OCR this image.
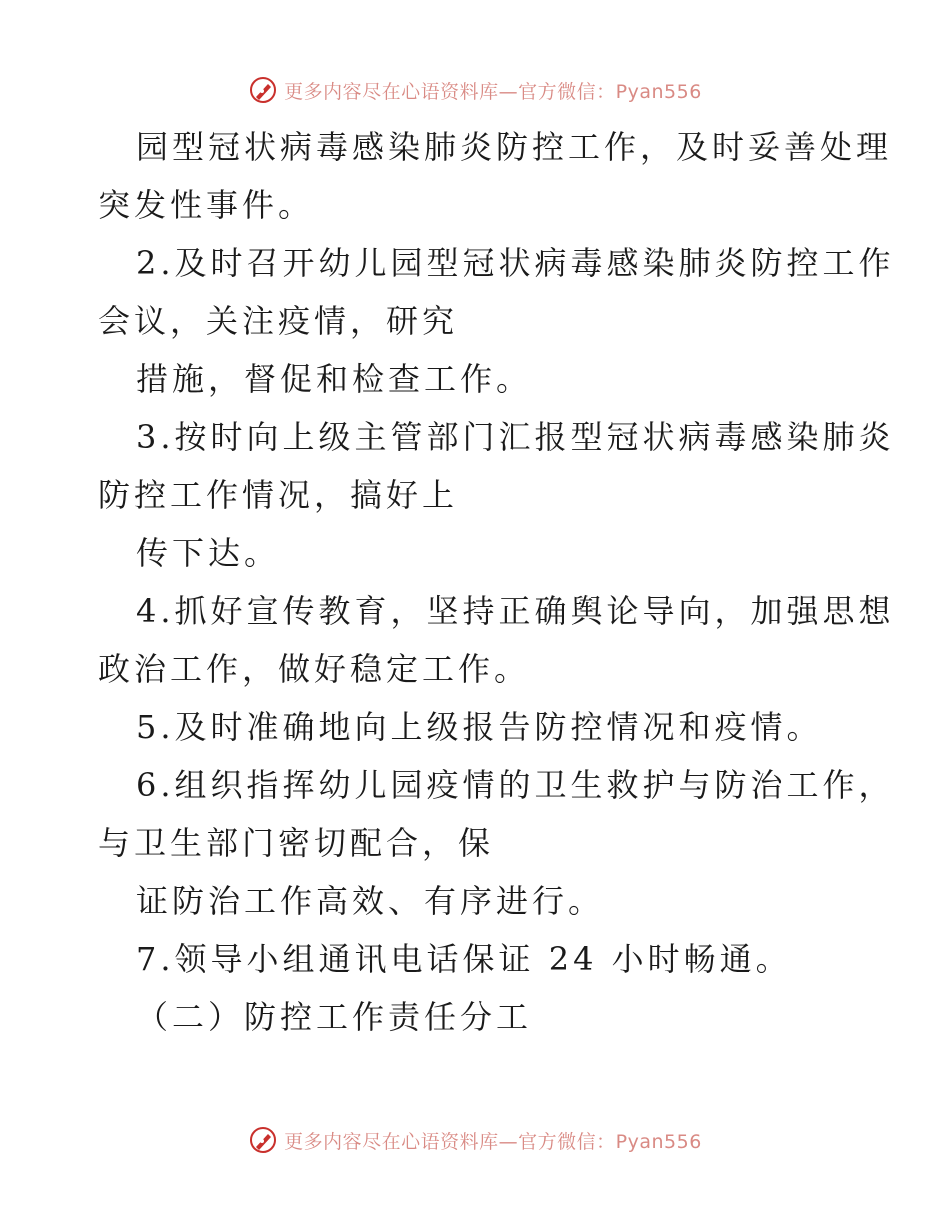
更多内容尽在心语资料库—官方微信：Pyan556
园型冠状病毒感染肺炎防控工作，及时妥善处理
突发性事件。
2.及时召开幼儿园型冠状病毒感染肺炎防控工作
会议，关注疫情，研究
措施，督促和检查工作。
3.按时向上级主管部门汇报型冠状病毒感染肺炎
防控工作情况，搞好上
传下达。
4.抓好宣传教育，坚持正确舆论导向，加强思想
政治工作，做好稳定工作。
5.及时准确地向上级报告防控情况和疫情。
6.组织指挥幼儿园疫情的卫生救护与防治工作，
与卫生部门密切配合，保
证防治工作高效、有序进行。
7.领导小组通讯电话保证 24 小时畅通。
（二）防控工作责任分工
更多内容尽在心语资料库—官方微信：Pyan556
